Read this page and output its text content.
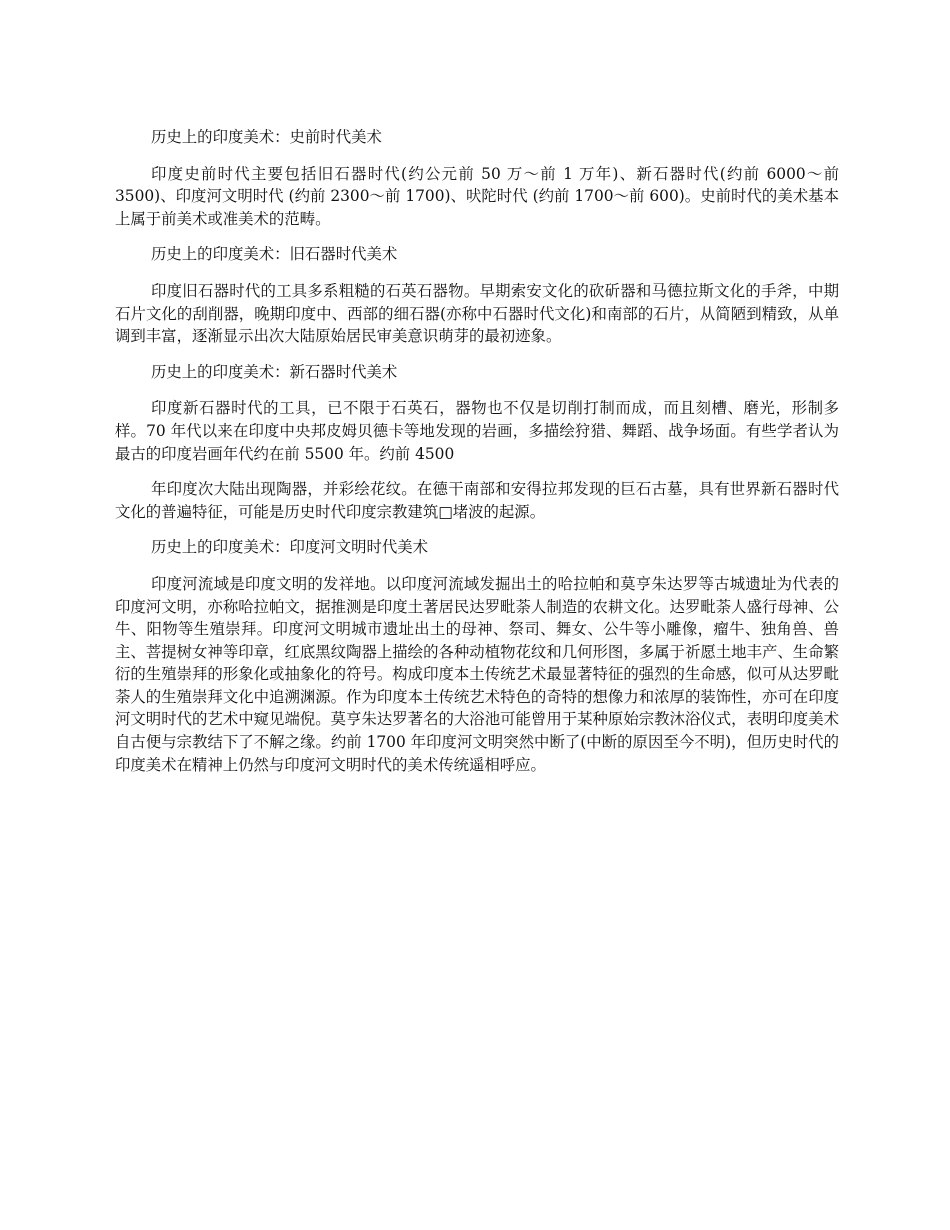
历史上的印度美术：史前时代美术

印度史前时代主要包括旧石器时代(约公元前 50 万～前 1 万年)、新石器时代(约前 6000～前 3500)、印度河文明时代 (约前 2300～前 1700)、吠陀时代 (约前 1700～前 600)。史前时代的美术基本上属于前美术或准美术的范畴。

历史上的印度美术：旧石器时代美术

印度旧石器时代的工具多系粗糙的石英石器物。早期索安文化的砍斫器和马德拉斯文化的手斧，中期石片文化的刮削器，晚期印度中、西部的细石器(亦称中石器时代文化)和南部的石片，从简陋到精致，从单调到丰富，逐渐显示出次大陆原始居民审美意识萌芽的最初迹象。

历史上的印度美术：新石器时代美术

印度新石器时代的工具，已不限于石英石，器物也不仅是切削打制而成，而且刻槽、磨光，形制多样。70 年代以来在印度中央邦皮姆贝德卡等地发现的岩画，多描绘狩猎、舞蹈、战争场面。有些学者认为最古的印度岩画年代约在前 5500 年。约前 4500

年印度次大陆出现陶器，并彩绘花纹。在德干南部和安得拉邦发现的巨石古墓，具有世界新石器时代文化的普遍特征，可能是历史时代印度宗教建筑□堵波的起源。

历史上的印度美术：印度河文明时代美术

印度河流域是印度文明的发祥地。以印度河流域发掘出土的哈拉帕和莫亨朱达罗等古城遗址为代表的印度河文明，亦称哈拉帕文，据推测是印度土著居民达罗毗荼人制造的农耕文化。达罗毗荼人盛行母神、公牛、阳物等生殖崇拜。印度河文明城市遗址出土的母神、祭司、舞女、公牛等小雕像，瘤牛、独角兽、兽主、菩提树女神等印章，红底黑纹陶器上描绘的各种动植物花纹和几何形图，多属于祈愿土地丰产、生命繁衍的生殖崇拜的形象化或抽象化的符号。构成印度本土传统艺术最显著特征的强烈的生命感，似可从达罗毗荼人的生殖崇拜文化中追溯渊源。作为印度本土传统艺术特色的奇特的想像力和浓厚的装饰性，亦可在印度河文明时代的艺术中窥见端倪。莫亨朱达罗著名的大浴池可能曾用于某种原始宗教沐浴仪式，表明印度美术自古便与宗教结下了不解之缘。约前 1700 年印度河文明突然中断了(中断的原因至今不明)，但历史时代的印度美术在精神上仍然与印度河文明时代的美术传统遥相呼应。
